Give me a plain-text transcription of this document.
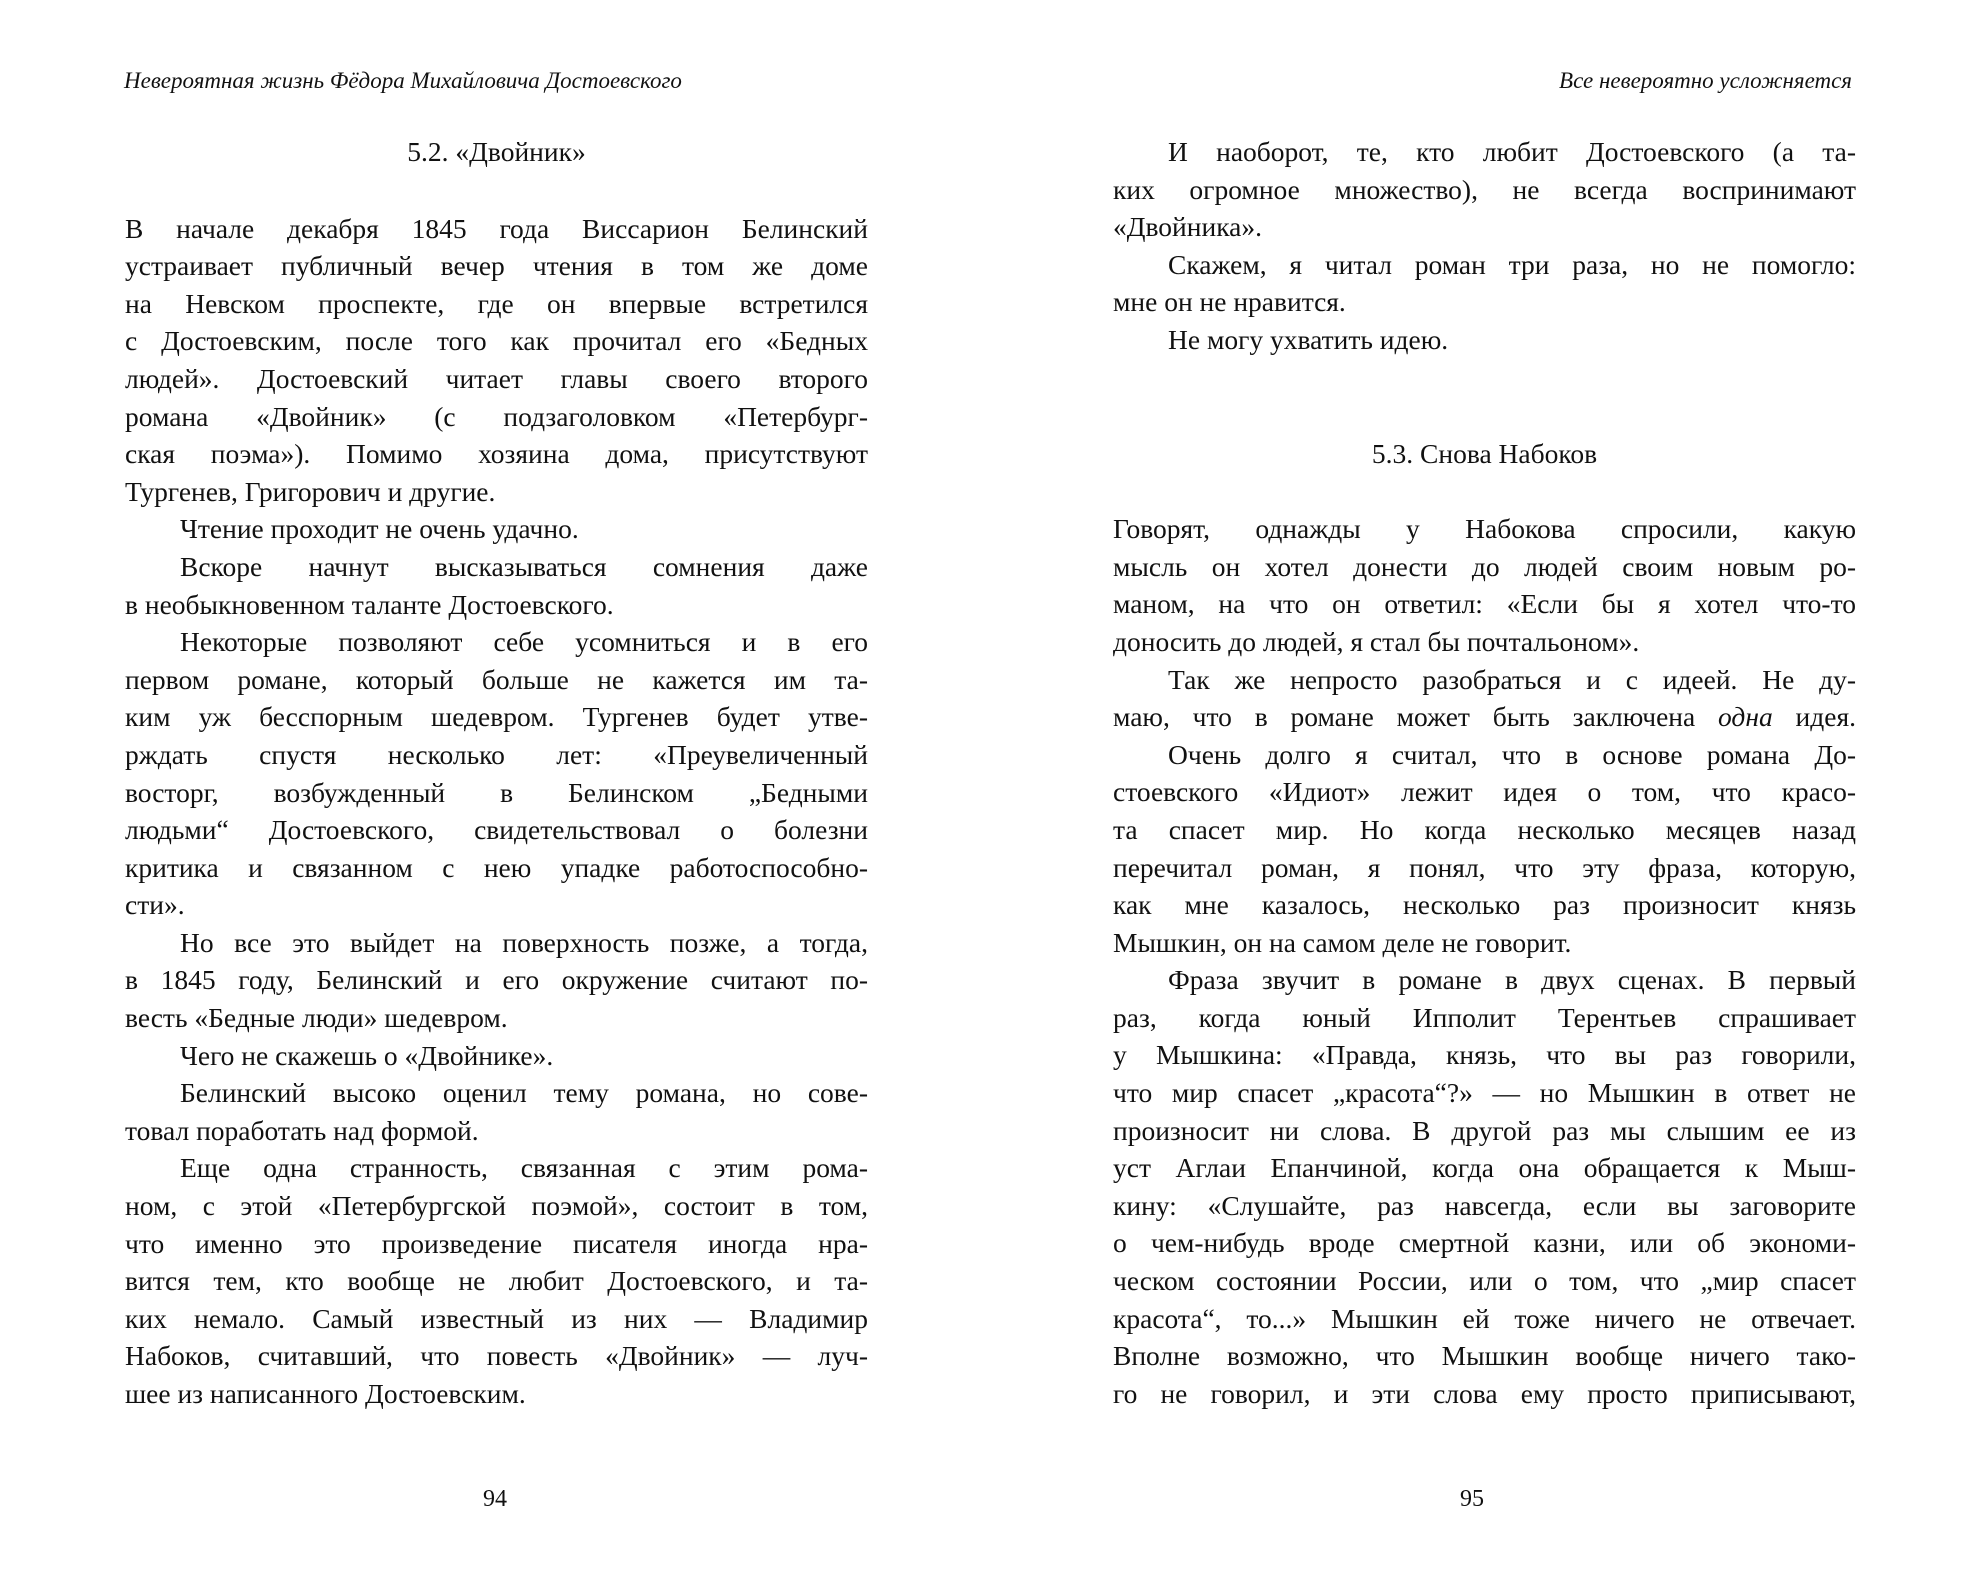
Невероятная жизнь Фёдора Михайловича Достоевского
5.2. «Двойник»

В начале декабря 1845 года Виссарион Белинский
устраивает публичный вечер чтения в том же доме
на Невском проспекте, где он впервые встретился
с Достоевским, после того как прочитал его «Бедных
людей». Достоевский читает главы своего второго
романа «Двойник» (с подзаголовком «Петербург-
ская поэма»). Помимо хозяина дома, присутствуют
Тургенев, Григорович и другие.

Чтение проходит не очень удачно.

Вскоре начнут высказываться сомнения даже
в необыкновенном таланте Достоевского.

Некоторые позволяют себе усомниться и в его
первом романе, который больше не кажется им та-
ким уж бесспорным шедевром. Тургенев будет утве-
рждать спустя несколько лет: «Преувеличенный
восторг, возбужденный в Белинском „Бедными
людьми“ Достоевского, свидетельствовал о болезни
критика и связанном с нею упадке работоспособно-
сти».

Но все это выйдет на поверхность позже, а тогда,
в 1845 году, Белинский и его окружение считают по-
весть «Бедные люди» шедевром.

Чего не скажешь о «Двойнике».

Белинский высоко оценил тему романа, но сове-
товал поработать над формой.

Еще одна странность, связанная с этим рома-
ном, с этой «Петербургской поэмой», состоит в том,
что именно это произведение писателя иногда нра-
вится тем, кто вообще не любит Достоевского, и та-
ких немало. Самый известный из них — Владимир
Набоков, считавший, что повесть «Двойник» — луч-
шее из написанного Достоевским.

94
Все невероятно усложняется

И наоборот, те, кто любит Достоевского (а та-
ких огромное множество), не всегда воспринимают
«Двойника».

Скажем, я читал роман три раза, но не помогло:
мне он не нравится.

Не могу ухватить идею.

5.3. Снова Набоков

Говорят, однажды у Набокова спросили, какую
мысль он хотел донести до людей своим новым ро-
маном, на что он ответил: «Если бы я хотел что-то
доносить до людей, я стал бы почтальоном».

Так же непросто разобраться и с идеей. Не ду-
маю, что в романе может быть заключена одна идея.

Очень долго я считал, что в основе романа До-
стоевского «Идиот» лежит идея о том, что красо-
та спасет мир. Но когда несколько месяцев назад
перечитал роман, я понял, что эту фраза, которую,
как мне казалось, несколько раз произносит князь
Мышкин, он на самом деле не говорит.

Фраза звучит в романе в двух сценах. В первый
раз, когда юный Ипполит Терентьев спрашивает
у Мышкина: «Правда, князь, что вы раз говорили,
что мир спасет „красота“?» — но Мышкин в ответ не
произносит ни слова. В другой раз мы слышим ее из
уст Аглаи Епанчиной, когда она обращается к Мыш-
кину: «Слушайте, раз навсегда, если вы заговорите
о чем-нибудь вроде смертной казни, или об экономи-
ческом состоянии России, или о том, что „мир спасет
красота“, то...» Мышкин ей тоже ничего не отвечает.
Вполне возможно, что Мышкин вообще ничего тако-
го не говорил, и эти слова ему просто приписывают,

95
